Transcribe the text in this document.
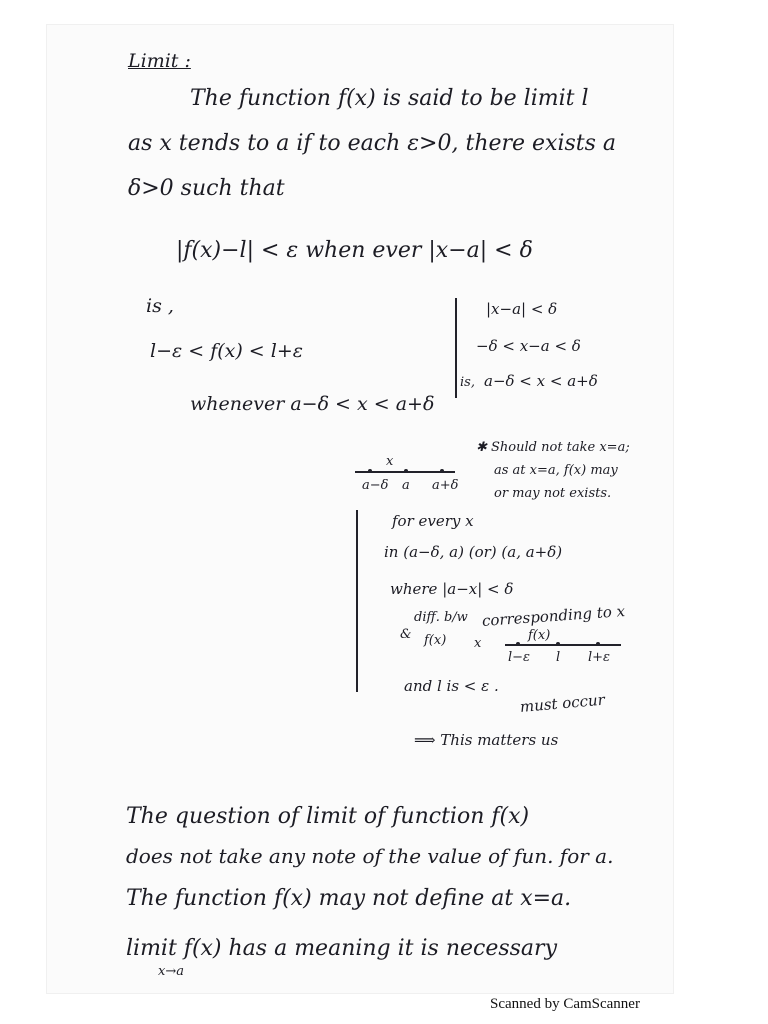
Limit :
The function f(x) is said to be limit l
as x tends to a if to each ε>0, there exists a
δ>0 such that
|f(x)−l| < ε when ever |x−a| < δ
is ,
l−ε < f(x) < l+ε
whenever a−δ < x < a+δ
|x−a| < δ
−δ < x−a < δ
is, a−δ < x < a+δ
x
a−δ a a+δ
✱ Should not take x=a;
as at x=a, f(x) may
or may not exists.
for every x
in (a−δ, a) (or) (a, a+δ)
where |a−x| < δ
diff. b/w
& f(x) x
corresponding to x
f(x)
l−ε l l+ε
and l is < ε .
must occur
⟹ This matters us
The question of limit of function f(x)
does not take any note of the value of fun. for a.
The function f(x) may not define at x=a.
limit f(x) has a meaning it is necessary
x→a
Scanned by CamScanner
